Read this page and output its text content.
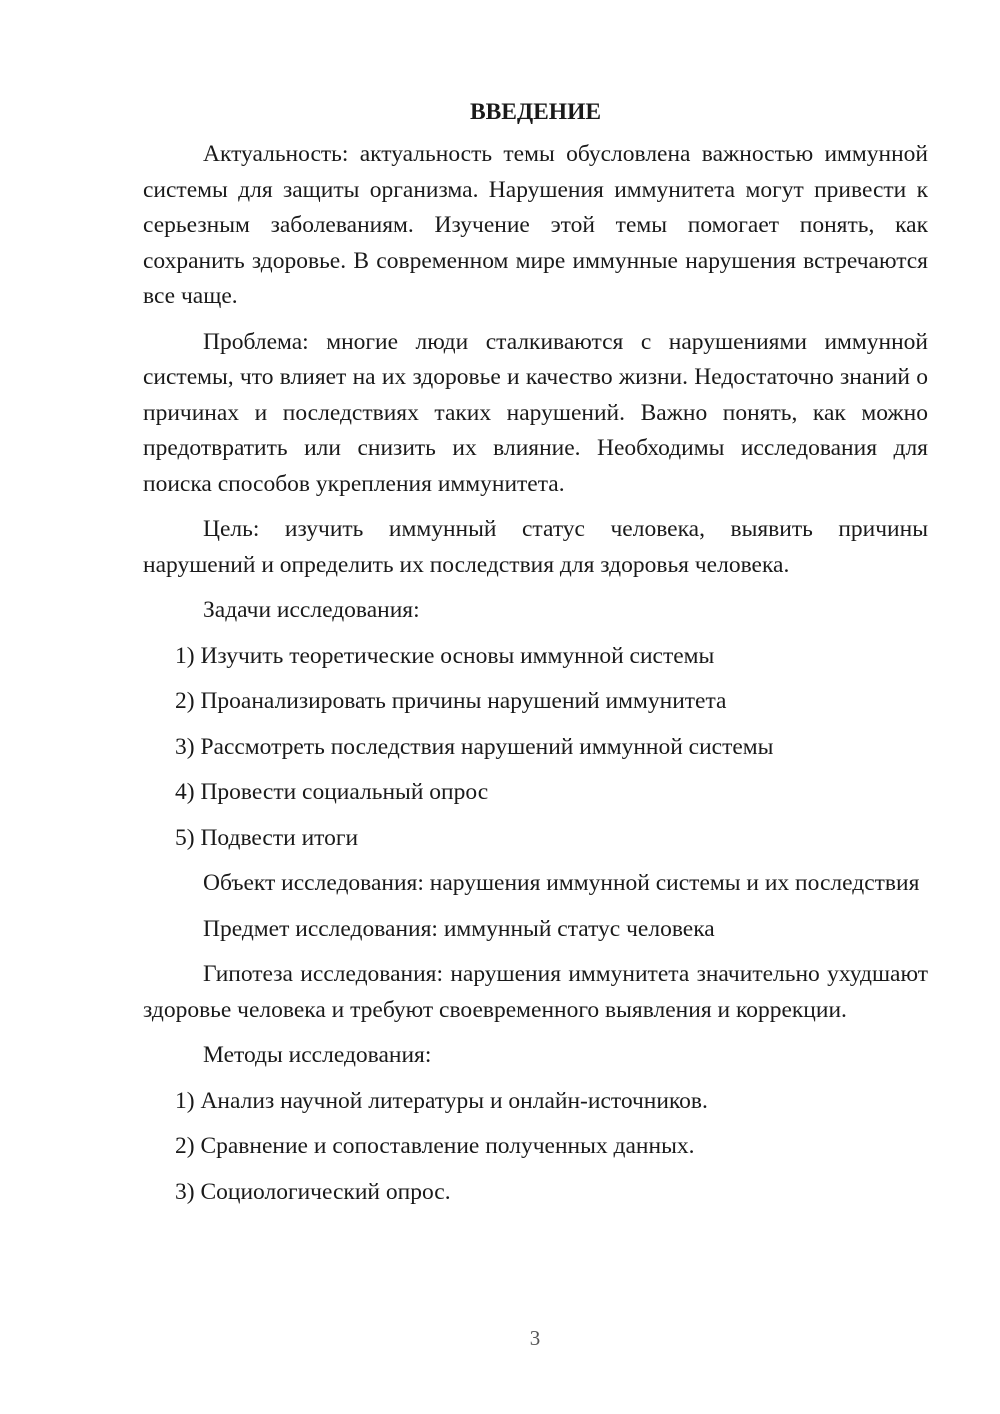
ВВЕДЕНИЕ

Актуальность: актуальность темы обусловлена важностью иммунной системы для защиты организма. Нарушения иммунитета могут привести к серьезным заболеваниям. Изучение этой темы помогает понять, как сохранить здоровье. В современном мире иммунные нарушения встречаются все чаще.

Проблема: многие люди сталкиваются с нарушениями иммунной системы, что влияет на их здоровье и качество жизни. Недостаточно знаний о причинах и последствиях таких нарушений. Важно понять, как можно предотвратить или снизить их влияние. Необходимы исследования для поиска способов укрепления иммунитета.

Цель: изучить иммунный статус человека, выявить причины нарушений и определить их последствия для здоровья человека.

Задачи исследования:

1) Изучить теоретические основы иммунной системы
2) Проанализировать причины нарушений иммунитета
3) Рассмотреть последствия нарушений иммунной системы
4) Провести социальный опрос
5) Подвести итоги

Объект исследования: нарушения иммунной системы и их последствия

Предмет исследования: иммунный статус человека

Гипотеза исследования: нарушения иммунитета значительно ухудшают здоровье человека и требуют своевременного выявления и коррекции.

Методы исследования:

1) Анализ научной литературы и онлайн-источников.
2) Сравнение и сопоставление полученных данных.
3) Социологический опрос.
3
